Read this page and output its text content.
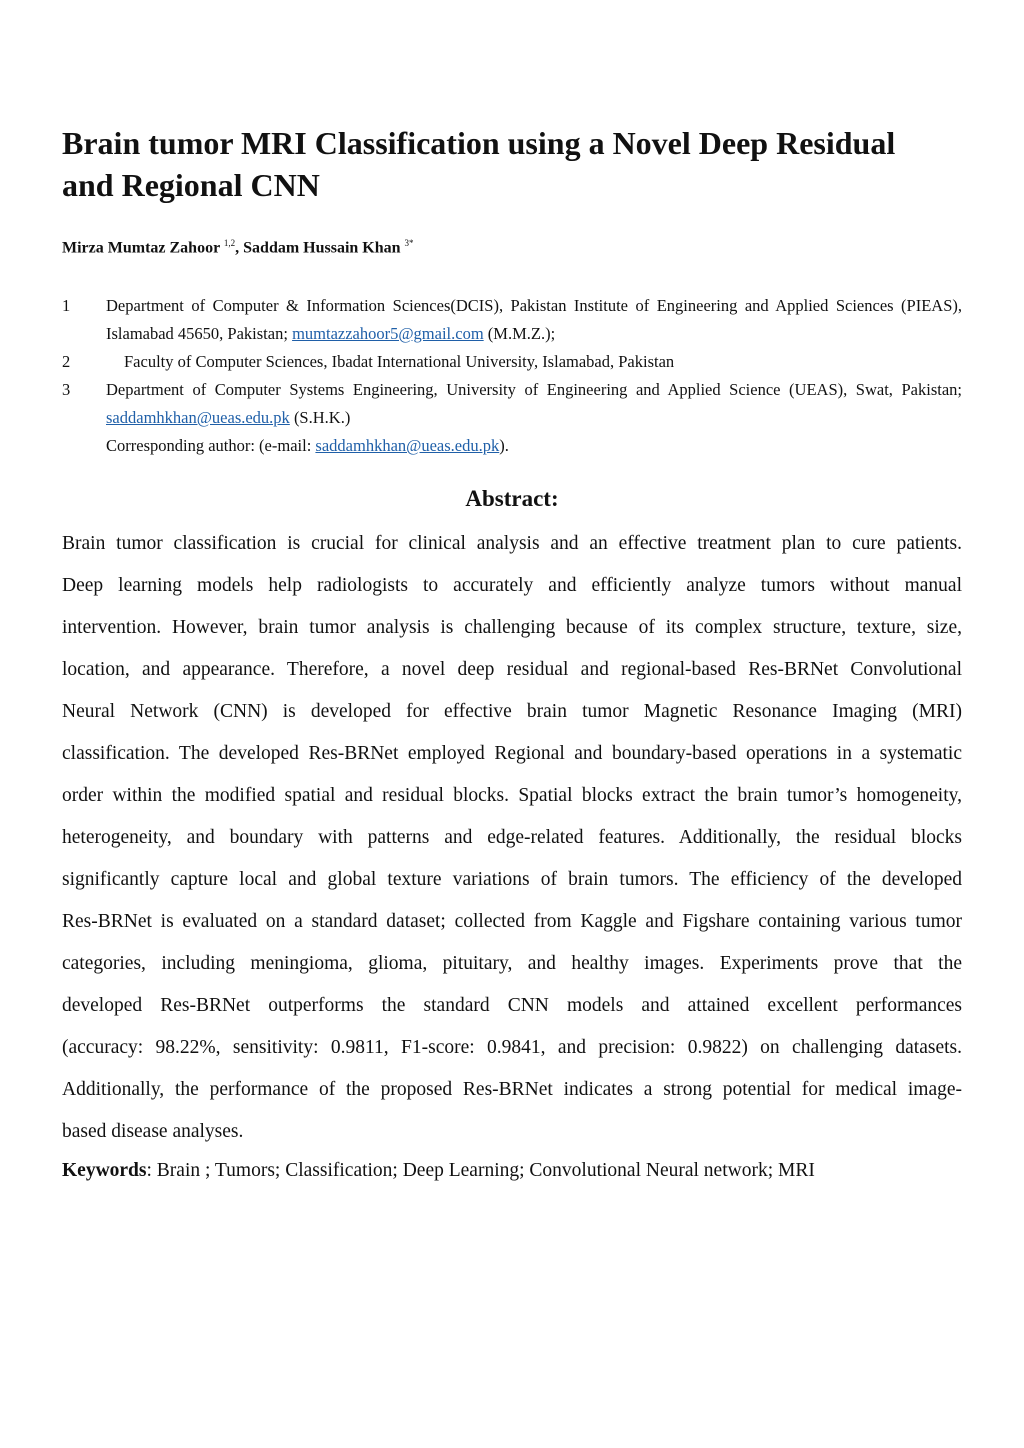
Brain tumor MRI Classification using a Novel Deep Residual
and Regional CNN
Mirza Mumtaz Zahoor $^{1,2}$, Saddam Hussain Khan $^{3*}$
1	Department of Computer & Information Sciences(DCIS), Pakistan Institute of Engineering and Applied Sciences (PIEAS), Islamabad 45650, Pakistan; mumtazzahoor5@gmail.com (M.M.Z.);
2	Faculty of Computer Sciences, Ibadat International University, Islamabad, Pakistan
3	Department of Computer Systems Engineering, University of Engineering and Applied Science (UEAS), Swat, Pakistan; saddamhkhan@ueas.edu.pk (S.H.K.)
Corresponding author: (e-mail: saddamhkhan@ueas.edu.pk).
Abstract:
Brain tumor classification is crucial for clinical analysis and an effective treatment plan to cure patients.
Deep learning models help radiologists to accurately and efficiently analyze tumors without manual
intervention. However, brain tumor analysis is challenging because of its complex structure, texture, size,
location, and appearance. Therefore, a novel deep residual and regional-based Res-BRNet Convolutional
Neural Network (CNN) is developed for effective brain tumor Magnetic Resonance Imaging (MRI)
classification. The developed Res-BRNet employed Regional and boundary-based operations in a systematic
order within the modified spatial and residual blocks. Spatial blocks extract the brain tumor’s homogeneity,
heterogeneity, and boundary with patterns and edge-related features. Additionally, the residual blocks
significantly capture local and global texture variations of brain tumors. The efficiency of the developed
Res-BRNet is evaluated on a standard dataset; collected from Kaggle and Figshare containing various tumor
categories, including meningioma, glioma, pituitary, and healthy images. Experiments prove that the
developed Res-BRNet outperforms the standard CNN models and attained excellent performances
(accuracy: 98.22%, sensitivity: 0.9811, F1-score: 0.9841, and precision: 0.9822) on challenging datasets.
Additionally, the performance of the proposed Res-BRNet indicates a strong potential for medical image-
based disease analyses.
Keywords: Brain ; Tumors; Classification; Deep Learning; Convolutional Neural network; MRI
